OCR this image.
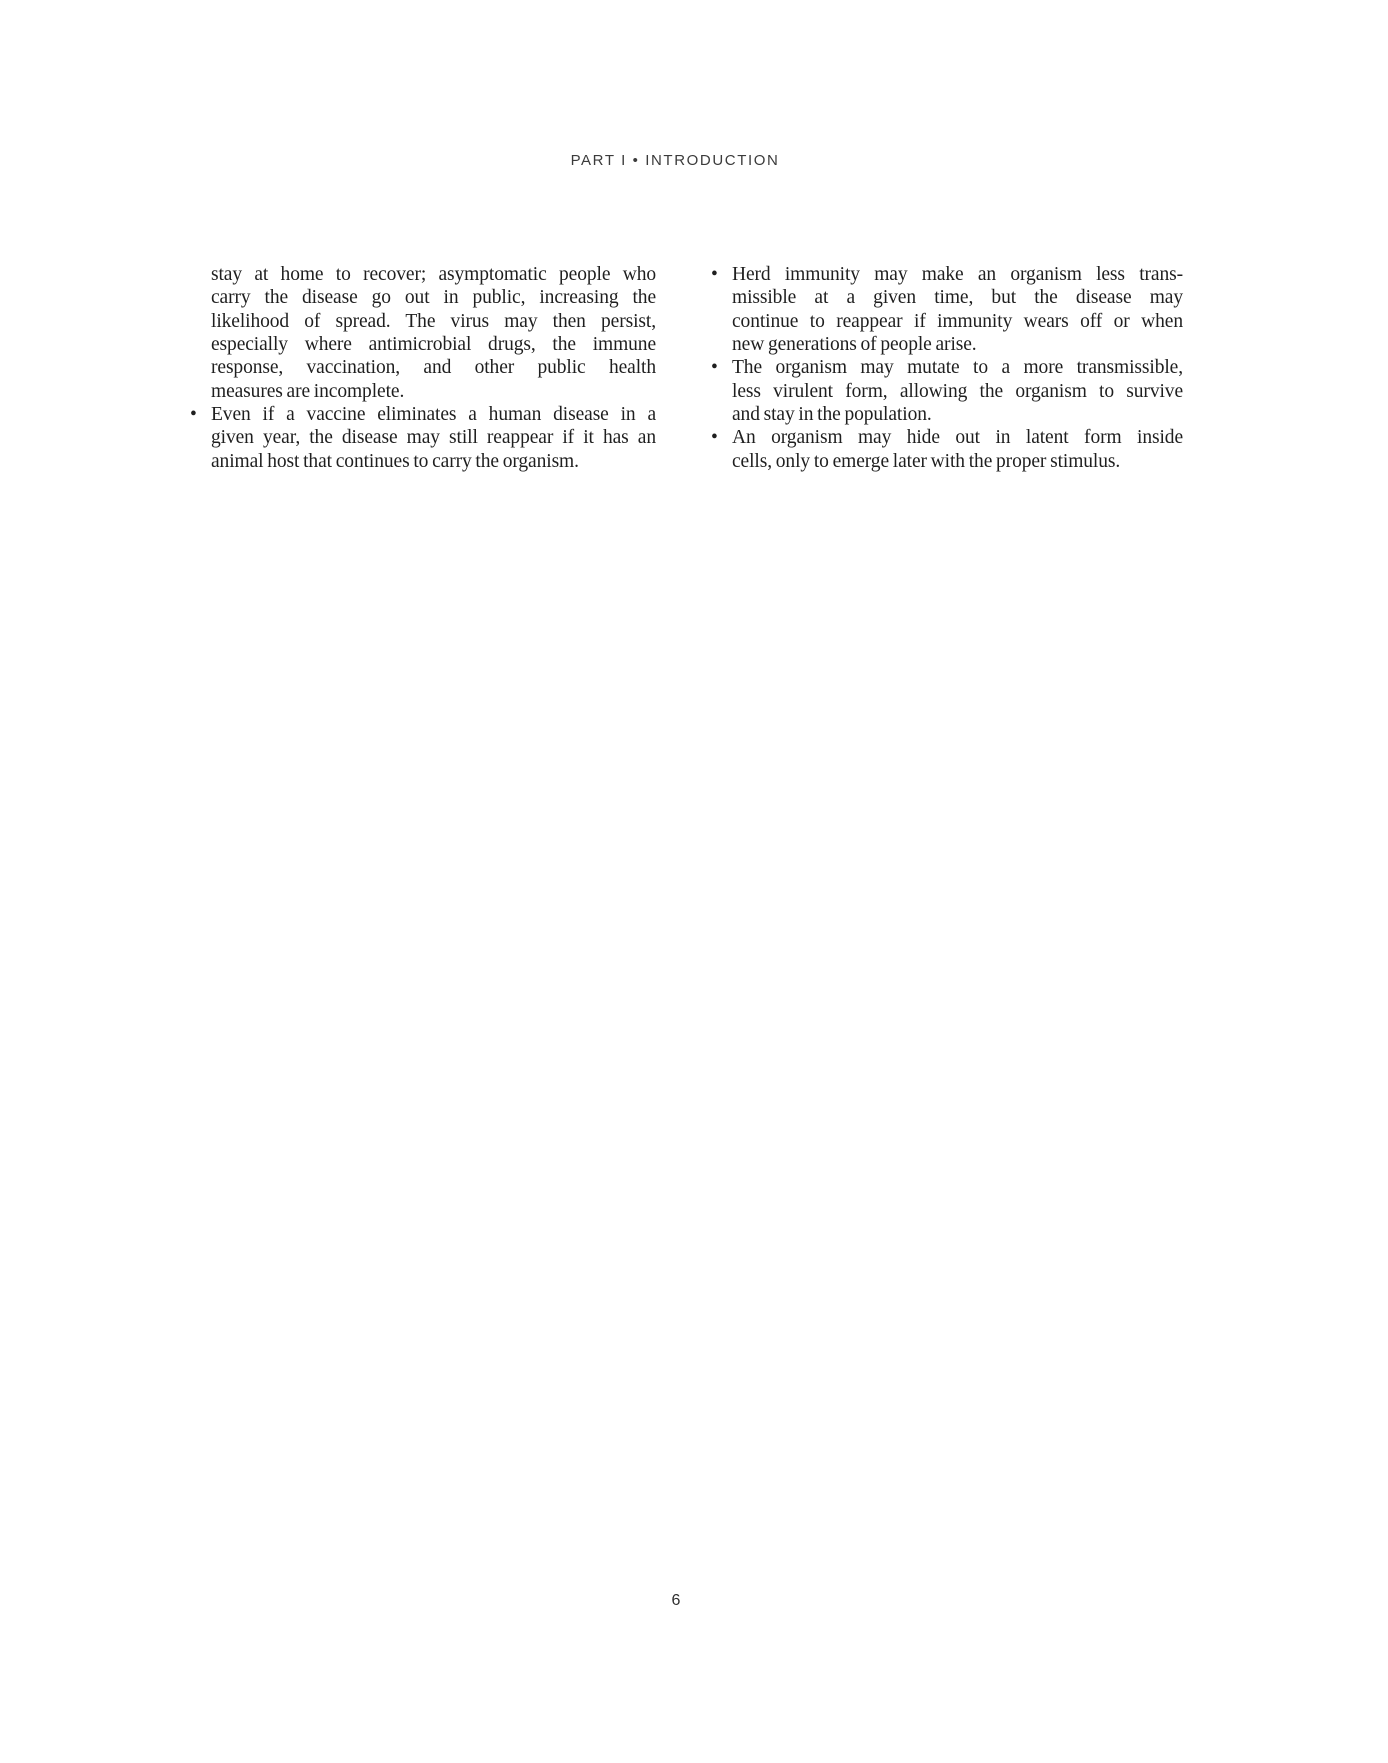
PART I • INTRODUCTION
stay at home to recover; asymptomatic people who
carry the disease go out in public, increasing the
likelihood of spread. The virus may then persist,
especially where antimicrobial drugs, the immune
response, vaccination, and other public health
measures are incomplete.
• Even if a vaccine eliminates a human disease in a
given year, the disease may still reappear if it has an
animal host that continues to carry the organism.
• Herd immunity may make an organism less trans-
missible at a given time, but the disease may
continue to reappear if immunity wears off or when
new generations of people arise.
• The organism may mutate to a more transmissible,
less virulent form, allowing the organism to survive
and stay in the population.
• An organism may hide out in latent form inside
cells, only to emerge later with the proper stimulus.
6
